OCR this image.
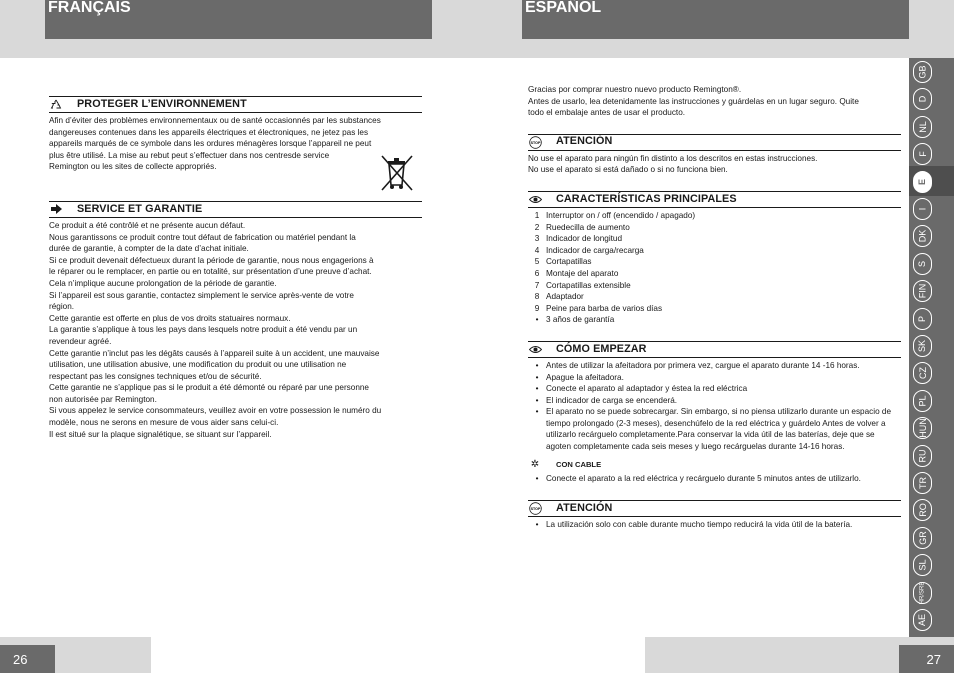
FRANÇAIS	ESPAÑOL
PROTEGER L’ENVIRONNEMENT

Afin d’éviter des problèmes environnementaux ou de santé occasionnés par les substances
dangereuses contenues dans les appareils électriques et électroniques, ne jetez pas les
appareils marqués de ce symbole dans les ordures ménagères lorsque l’appareil ne peut
plus être utilisé. La mise au rebut peut s’effectuer dans nos centresde service
Remington ou les sites de collecte appropriés.

SERVICE ET GARANTIE

Ce produit a été contrôlé et ne présente aucun défaut.
Nous garantissons ce produit contre tout défaut de fabrication ou matériel pendant la
durée de garantie, à compter de la date d’achat initiale.
Si ce produit devenait défectueux durant la période de garantie, nous nous engagerions à
le réparer ou le remplacer, en partie ou en totalité, sur présentation d’une preuve d’achat.
Cela n’implique aucune prolongation de la période de garantie.
Si l’appareil est sous garantie, contactez simplement le service après-vente de votre
région.
Cette garantie est offerte en plus de vos droits statuaires normaux.
La garantie s’applique à tous les pays dans lesquels notre produit a été vendu par un
revendeur agréé.
Cette garantie n’inclut pas les dégâts causés à l’appareil suite à un accident, une mauvaise
utilisation, une utilisation abusive, une modification du produit ou une utilisation ne
respectant pas les consignes techniques et/ou de sécurité.
Cette garantie ne s’applique pas si le produit a été démonté ou réparé par une personne
non autorisée par Remington.
Si vous appelez le service consommateurs, veuillez avoir en votre possession le numéro du
modèle, nous ne serons en mesure de vous aider sans celui-ci.
Il est situé sur la plaque signalétique, se situant sur l’appareil.

Gracias por comprar nuestro nuevo producto Remington®.
Antes de usarlo, lea detenidamente las instrucciones y guárdelas en un lugar seguro. Quite
todo el embalaje antes de usar el producto.

STOP ATENCIÓN

No use el aparato para ningún fin distinto a los descritos en estas instrucciones.
No use el aparato si está dañado o si no funciona bien.

CARACTERÍSTICAS PRINCIPALES
1 Interruptor on / off (encendido / apagado)
2 Ruedecilla de aumento
3 Indicador de longitud
4 Indicador de carga/recarga
5 Cortapatillas
6 Montaje del aparato
7 Cortapatillas extensible
8 Adaptador
9 Peine para barba de varios días
• 3 años de garantía
CÓMO EMPEZAR
• Antes de utilizar la afeitadora por primera vez, cargue el aparato durante 14 -16 horas.
• Apague la afeitadora.
• Conecte el aparato al adaptador y éstea la red eléctrica
• El indicador de carga se encenderá.
• El aparato no se puede sobrecargar. Sin embargo, si no piensa utilizarlo durante un espacio de tiempo prolongado (2-3 meses), desenchúfelo de la red eléctrica y guárdelo Antes de volver a utilizarlo recárguelo completamente.Para conservar la vida útil de las baterías, deje que se agoten completamente cada seis meses y luego recárguelas durante 14-16 horas.
✲	CON CABLE
• Conecte el aparato a la red eléctrica y recárguelo durante 5 minutos antes de utilizarlo.
STOP ATENCIÓN
• La utilización solo con cable durante mucho tiempo reducirá la vida útil de la batería.
GB
D
NL
F
E
I
DK
S
FIN
P
SK
CZ
PL
HUN
RU
TR
RO
GR
SL
HR/SRB
AE
26	27
